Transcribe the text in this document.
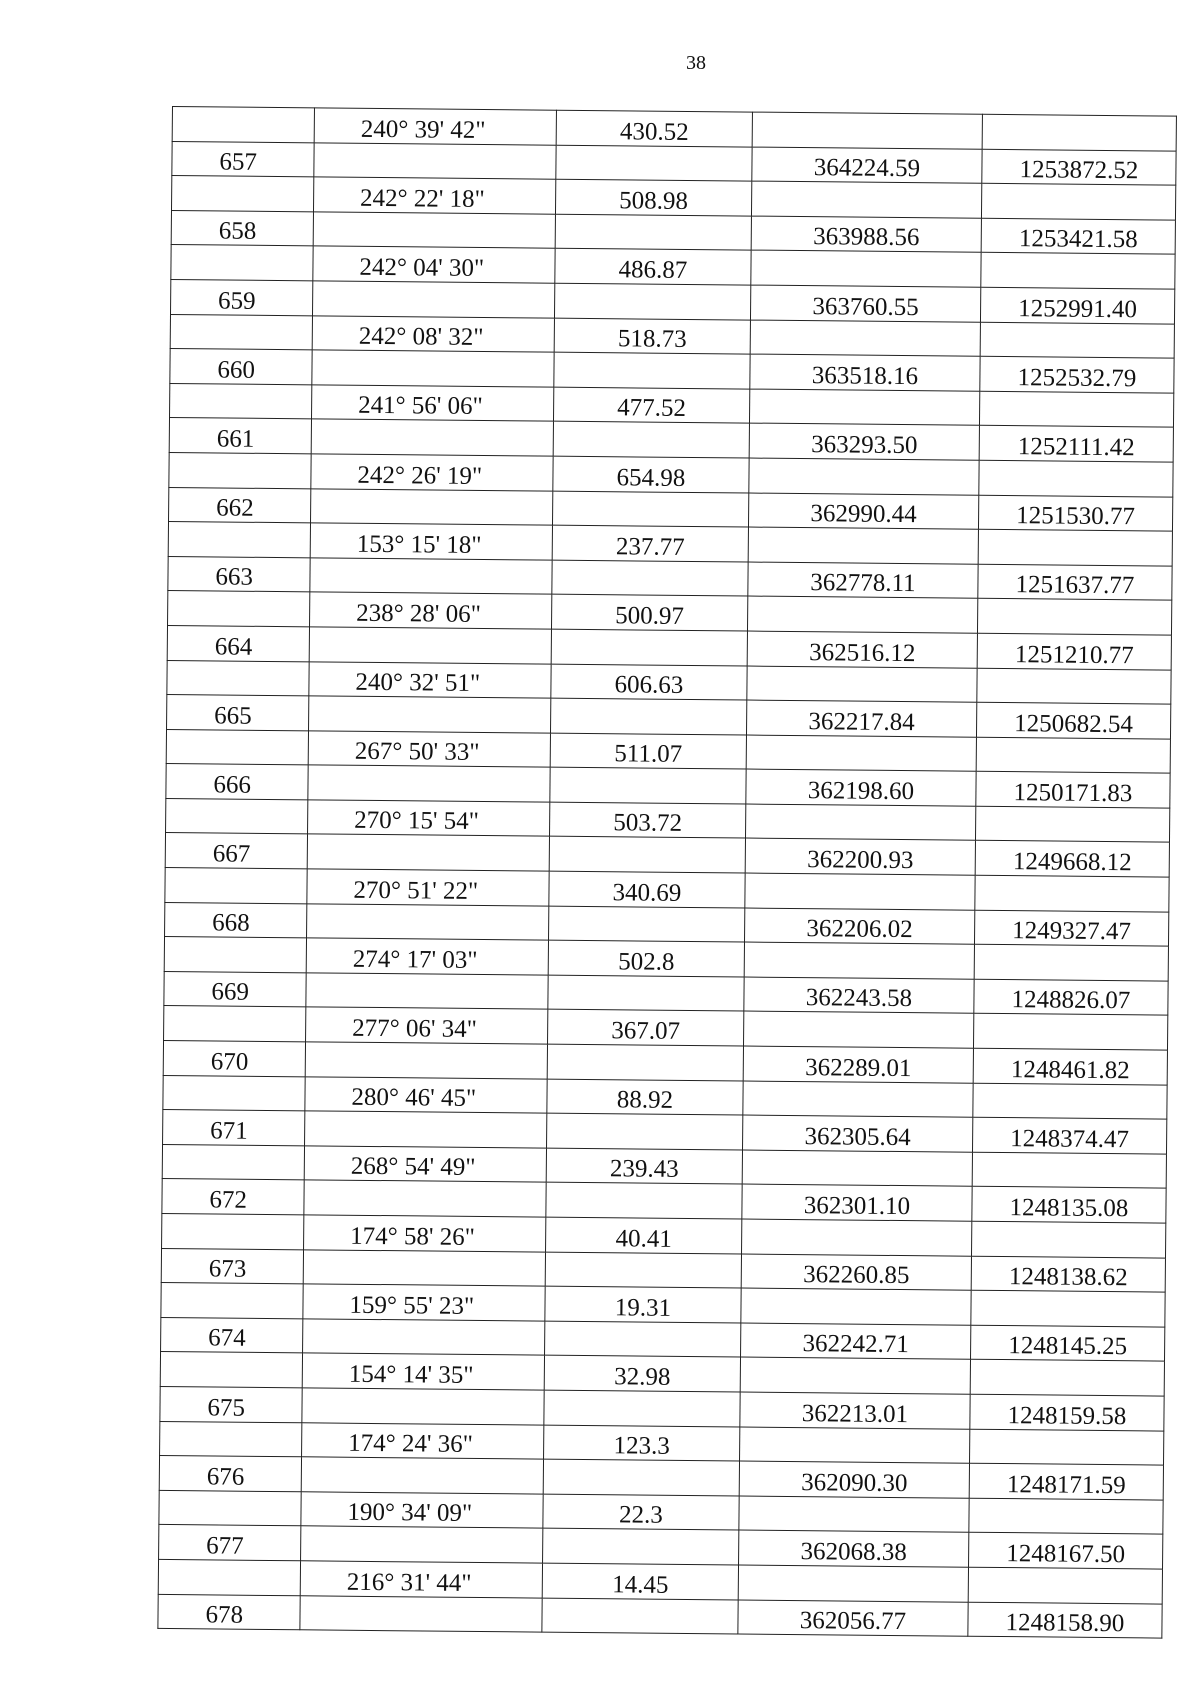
38
	240° 39' 42"	430.52		
657			364224.59	1253872.52
	242° 22' 18"	508.98		
658			363988.56	1253421.58
	242° 04' 30"	486.87		
659			363760.55	1252991.40
	242° 08' 32"	518.73		
660			363518.16	1252532.79
	241° 56' 06"	477.52		
661			363293.50	1252111.42
	242° 26' 19"	654.98		
662			362990.44	1251530.77
	153° 15' 18"	237.77		
663			362778.11	1251637.77
	238° 28' 06"	500.97		
664			362516.12	1251210.77
	240° 32' 51"	606.63		
665			362217.84	1250682.54
	267° 50' 33"	511.07		
666			362198.60	1250171.83
	270° 15' 54"	503.72		
667			362200.93	1249668.12
	270° 51' 22"	340.69		
668			362206.02	1249327.47
	274° 17' 03"	502.8		
669			362243.58	1248826.07
	277° 06' 34"	367.07		
670			362289.01	1248461.82
	280° 46' 45"	88.92		
671			362305.64	1248374.47
	268° 54' 49"	239.43		
672			362301.10	1248135.08
	174° 58' 26"	40.41		
673			362260.85	1248138.62
	159° 55' 23"	19.31		
674			362242.71	1248145.25
	154° 14' 35"	32.98		
675			362213.01	1248159.58
	174° 24' 36"	123.3		
676			362090.30	1248171.59
	190° 34' 09"	22.3		
677			362068.38	1248167.50
	216° 31' 44"	14.45		
678			362056.77	1248158.90
